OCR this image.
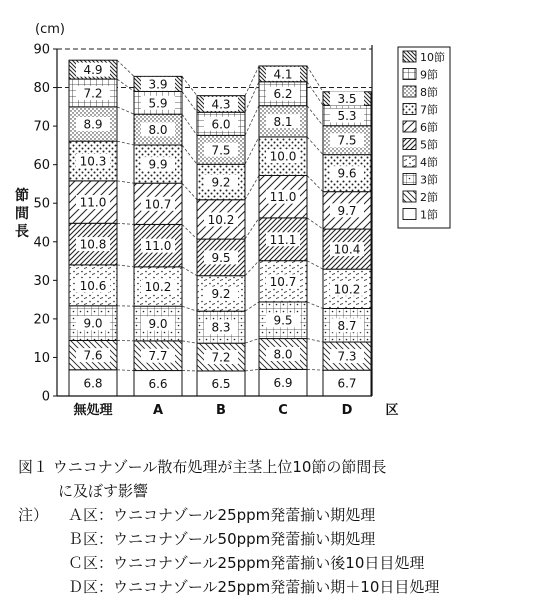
6.8
7.6
9.0
10.6
10.8
11.0
10.3
8.9
7.2
4.9
6.6
7.7
9.0
10.2
11.0
10.7
9.9
8.0
5.9
3.9
6.5
7.2
8.3
9.2
9.5
10.2
9.2
7.5
6.0
4.3
6.9
8.0
9.5
10.7
11.1
11.0
10.0
8.1
6.2
4.1
6.7
7.3
8.7
10.2
10.4
9.7
9.6
7.5
5.3
3.5
無処理	A	B	C	D
0
10
20
30
40
50
60
70
80
90
(cm)
節
間
長
区
10節
9節
8節
7節
6節
5節
4節
3節
2節
1節
図１ ウニコナゾール散布処理が主茎上位10節の節間長
に及ぼす影響
注） Ａ区：ウニコナゾール25ppm発蕾揃い期処理
Ｂ区：ウニコナゾール50ppm発蕾揃い期処理
Ｃ区：ウニコナゾール25ppm発蕾揃い後10日目処理
Ｄ区：ウニコナゾール25ppm発蕾揃い期＋10日目処理
